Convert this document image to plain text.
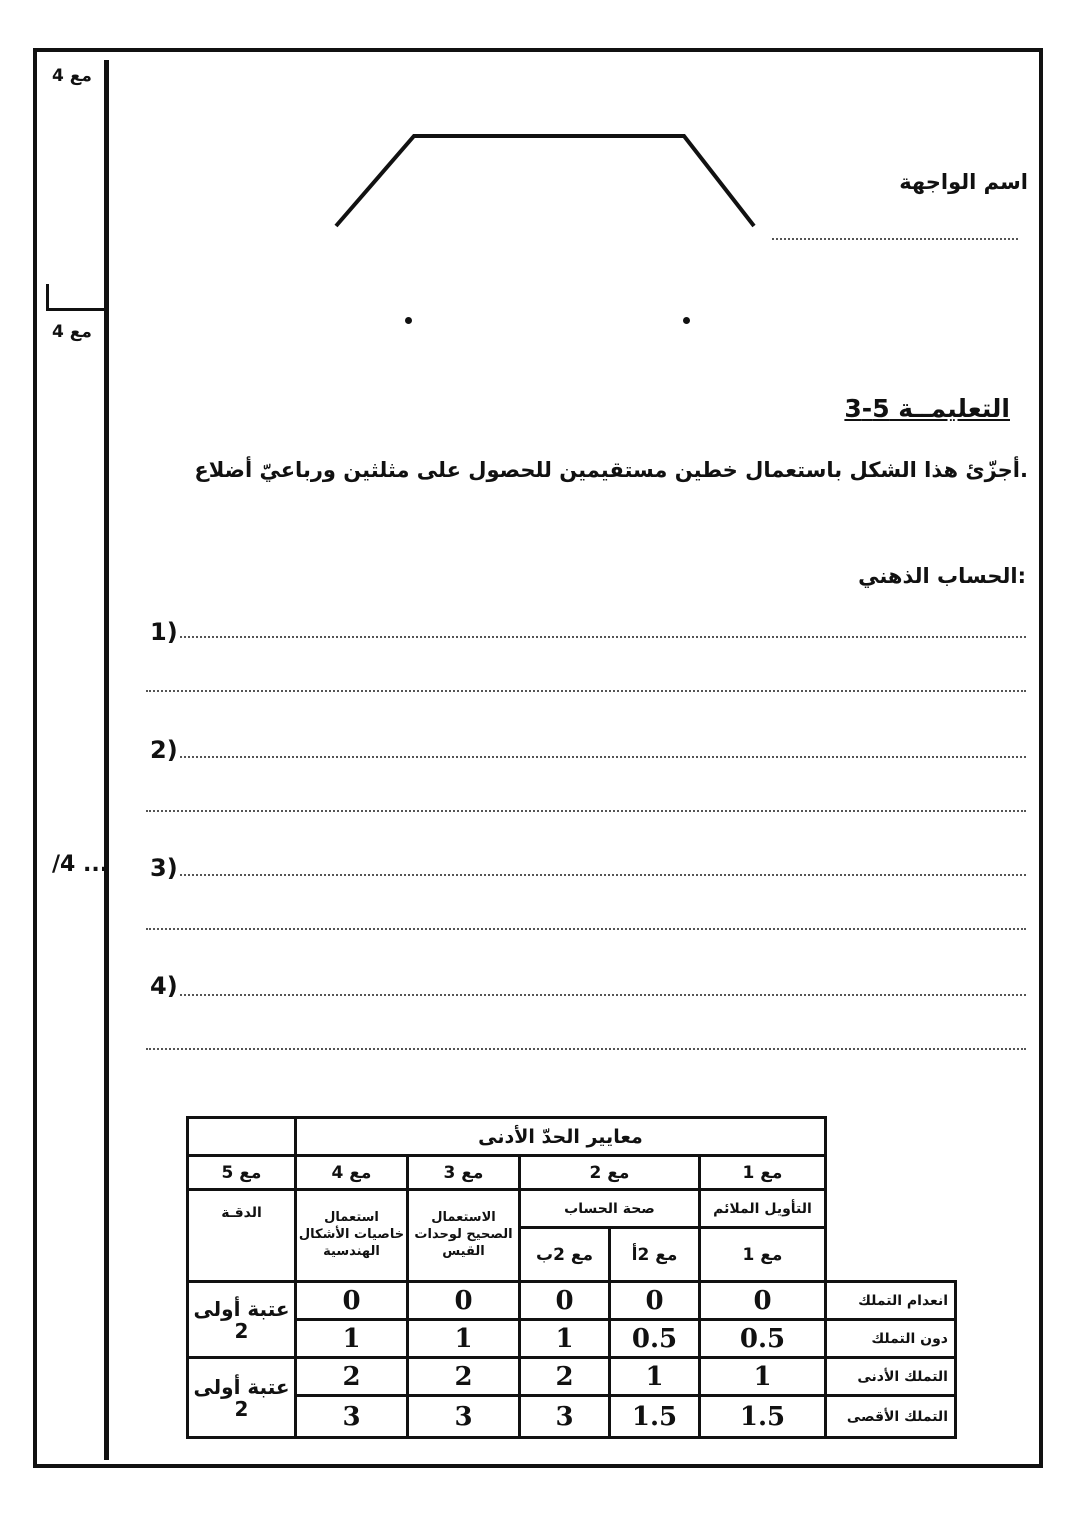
مع 4
مع 4
/4 ...
اسم الواجهة
التعليمــة 5-3
.أجزّئ هذا الشكل باستعمال خطين مستقيمين للحصول على مثلثين ورباعيّ أضلاع
:الحساب الذهني
1)
2)
3)
4)
	معايير الحدّ الأدنى					
	مع 1	مع 2		مع 3	مع 4	مع 5
	التأويل الملائم	صحة الحساب		الاستعمال الصحيح لوحدات القيس	استعمال خاصيات الأشكال الهندسية	الدقـة
	مع 1	مع 2أ	مع 2ب			
انعدام التملك	0	0	0	0	0	عتبة أولى
2

دون التملك	0.5	0.5	1	1	1	
التملك الأدنى	1	1	2	2	2	عتبة أولى
2

التملك الأقصى	1.5	1.5	3	3	3	
